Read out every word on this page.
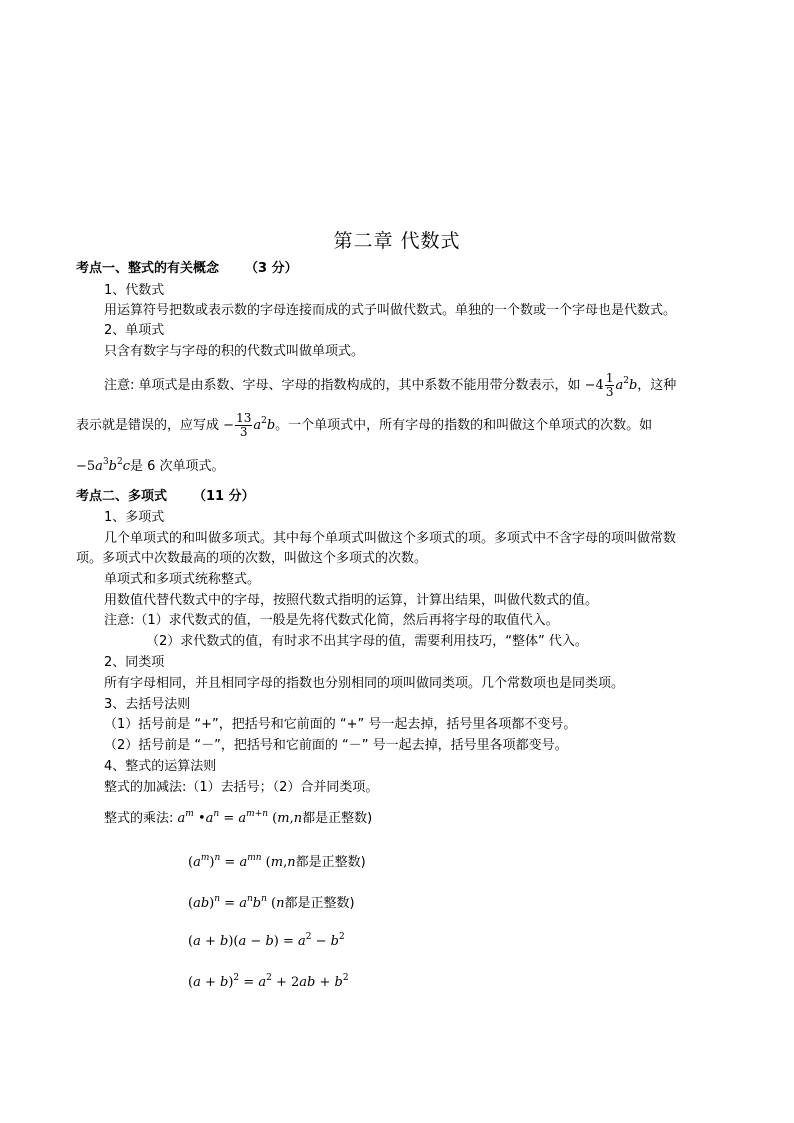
第二章 代数式
考点一、整式的有关概念 （3 分）
1、代数式
用运算符号把数或表示数的字母连接而成的式子叫做代数式。单独的一个数或一个字母也是代数式。
2、单项式
只含有数字与字母的积的代数式叫做单项式。
注意: 单项式是由系数、字母、字母的指数构成的，其中系数不能用带分数表示，如 $-4 \frac{1}{3} a^2b$，这种
表示就是错误的，应写成 − $\frac{13}{3} a^2b$。一个单项式中，所有字母的指数的和叫做这个单项式的次数。如
$-5a^3b^2c$是 6 次单项式。
考点二、多项式 （11 分）
1、多项式
几个单项式的和叫做多项式。其中每个单项式叫做这个多项式的项。多项式中不含字母的项叫做常数
项。多项式中次数最高的项的次数，叫做这个多项式的次数。
单项式和多项式统称整式。
用数值代替代数式中的字母，按照代数式指明的运算，计算出结果，叫做代数式的值。
注意:（1）求代数式的值，一般是先将代数式化简，然后再将字母的取值代入。
（2）求代数式的值，有时求不出其字母的值，需要利用技巧，“整体” 代入。
2、同类项
所有字母相同，并且相同字母的指数也分别相同的项叫做同类项。几个常数项也是同类项。
3、去括号法则
（1）括号前是 “+”，把括号和它前面的 “+” 号一起去掉，括号里各项都不变号。
（2）括号前是 “－”，把括号和它前面的 “－” 号一起去掉，括号里各项都变号。
4、整式的运算法则
整式的加减法:（1）去括号；（2）合并同类项。
整式的乘法: $a^m$ $•a^n = a^{m+n}$ (m,n都是正整数)
$(a^m)^n = a^{mn}$ (m,n都是正整数)
$(ab)^n = a^nb^n$ (n都是正整数)
$(a + b)(a - b) = a^2 - b^2$
$(a + b)^2 = a^2 + 2ab + b^2$
